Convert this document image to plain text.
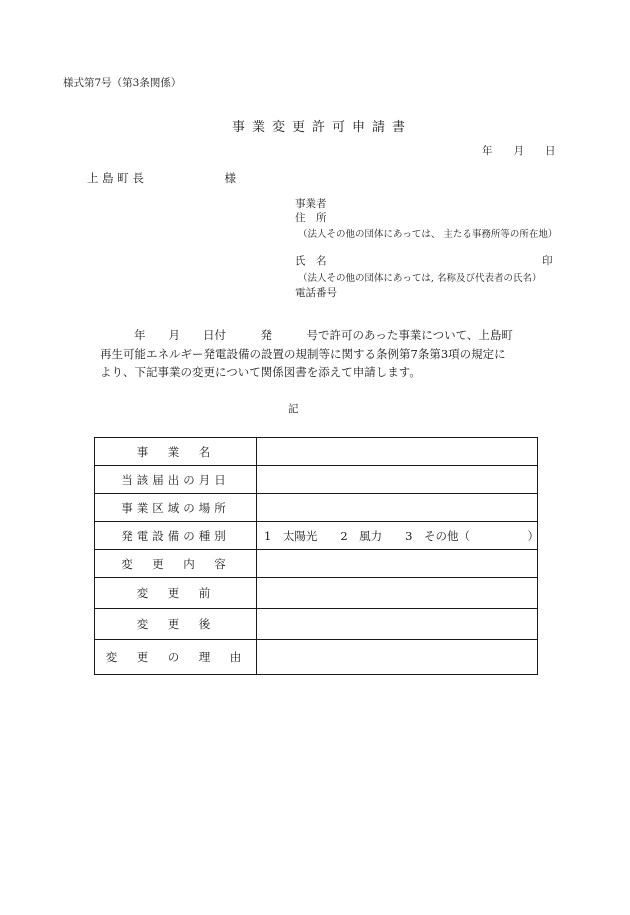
様式第7号（第3条関係）
事業変更許可申請書
年　　月　　日
上 島 町 長　　　　　　　様
事業者
住　所
（法人その他の団体にあっては、 主たる事務所等の所在地）
氏　名	印
（法人その他の団体にあっては, 名称及び代表者の氏名）
電話番号

年　　月　　日付　　　発　　　号で許可のあった事業について、上島町

再生可能エネルギー発電設備の設置の規制等に関する条例第7条第3項の規定に

より、下記事業の変更について関係図書を添えて申請します。

記
事　業　名	
当該届出の月日	
事業区域の場所	
発電設備の種別	1　太陽光　　2　風力　　3　その他（　　　　　）
変　更　内　容	
変　更　前	
変　更　後	
変　更　の　理　由	
